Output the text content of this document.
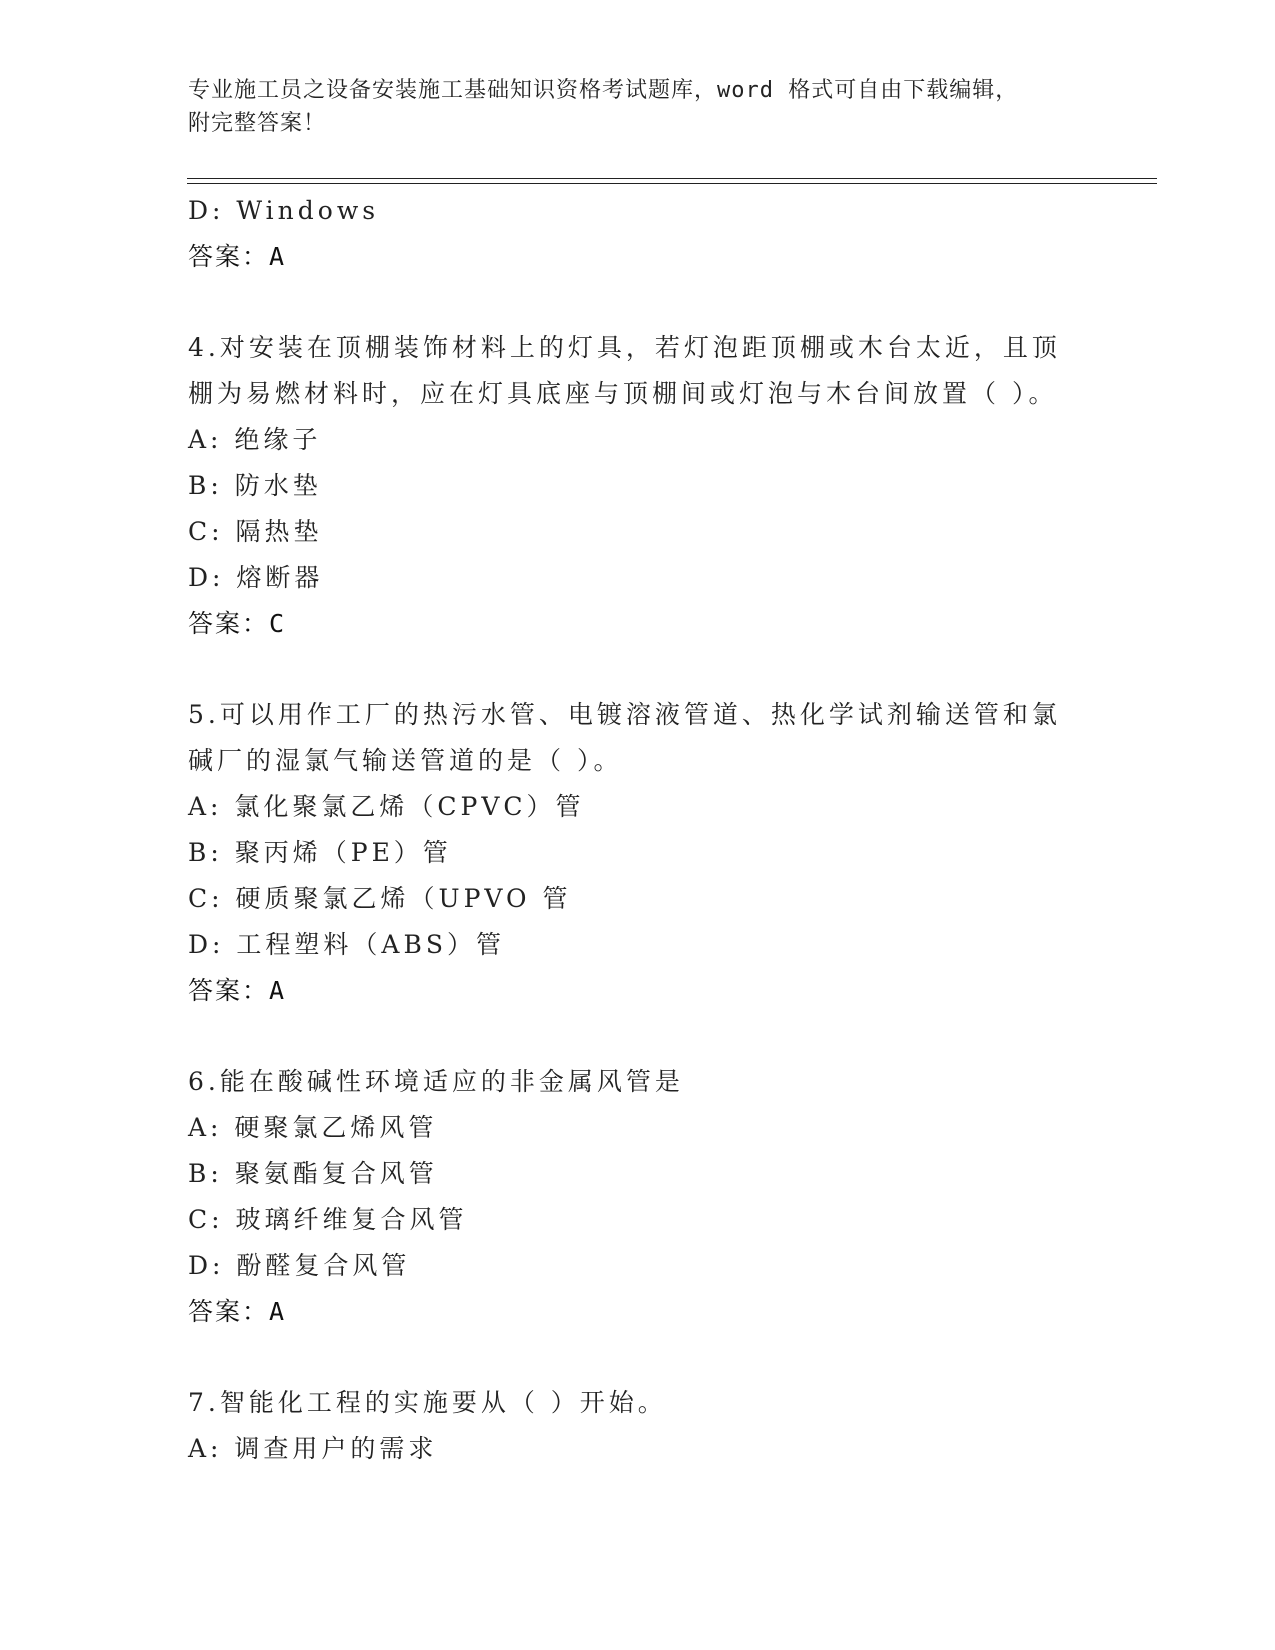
专业施工员之设备安装施工基础知识资格考试题库，word 格式可自由下载编辑，
附完整答案！
D: Windows
答案：A
4.对安装在顶棚装饰材料上的灯具，若灯泡距顶棚或木台太近，且顶
棚为易燃材料时，应在灯具底座与顶棚间或灯泡与木台间放置（ ）。
A: 绝缘子
B: 防水垫
C: 隔热垫
D: 熔断器
答案：C
5.可以用作工厂的热污水管、电镀溶液管道、热化学试剂输送管和氯
碱厂的湿氯气输送管道的是（ ）。
A: 氯化聚氯乙烯（CPVC）管
B: 聚丙烯（PE）管
C: 硬质聚氯乙烯（UPVO 管
D: 工程塑料（ABS）管
答案：A
6.能在酸碱性环境适应的非金属风管是
A: 硬聚氯乙烯风管
B: 聚氨酯复合风管
C: 玻璃纤维复合风管
D: 酚醛复合风管
答案：A
7.智能化工程的实施要从（ ）开始。
A: 调查用户的需求
